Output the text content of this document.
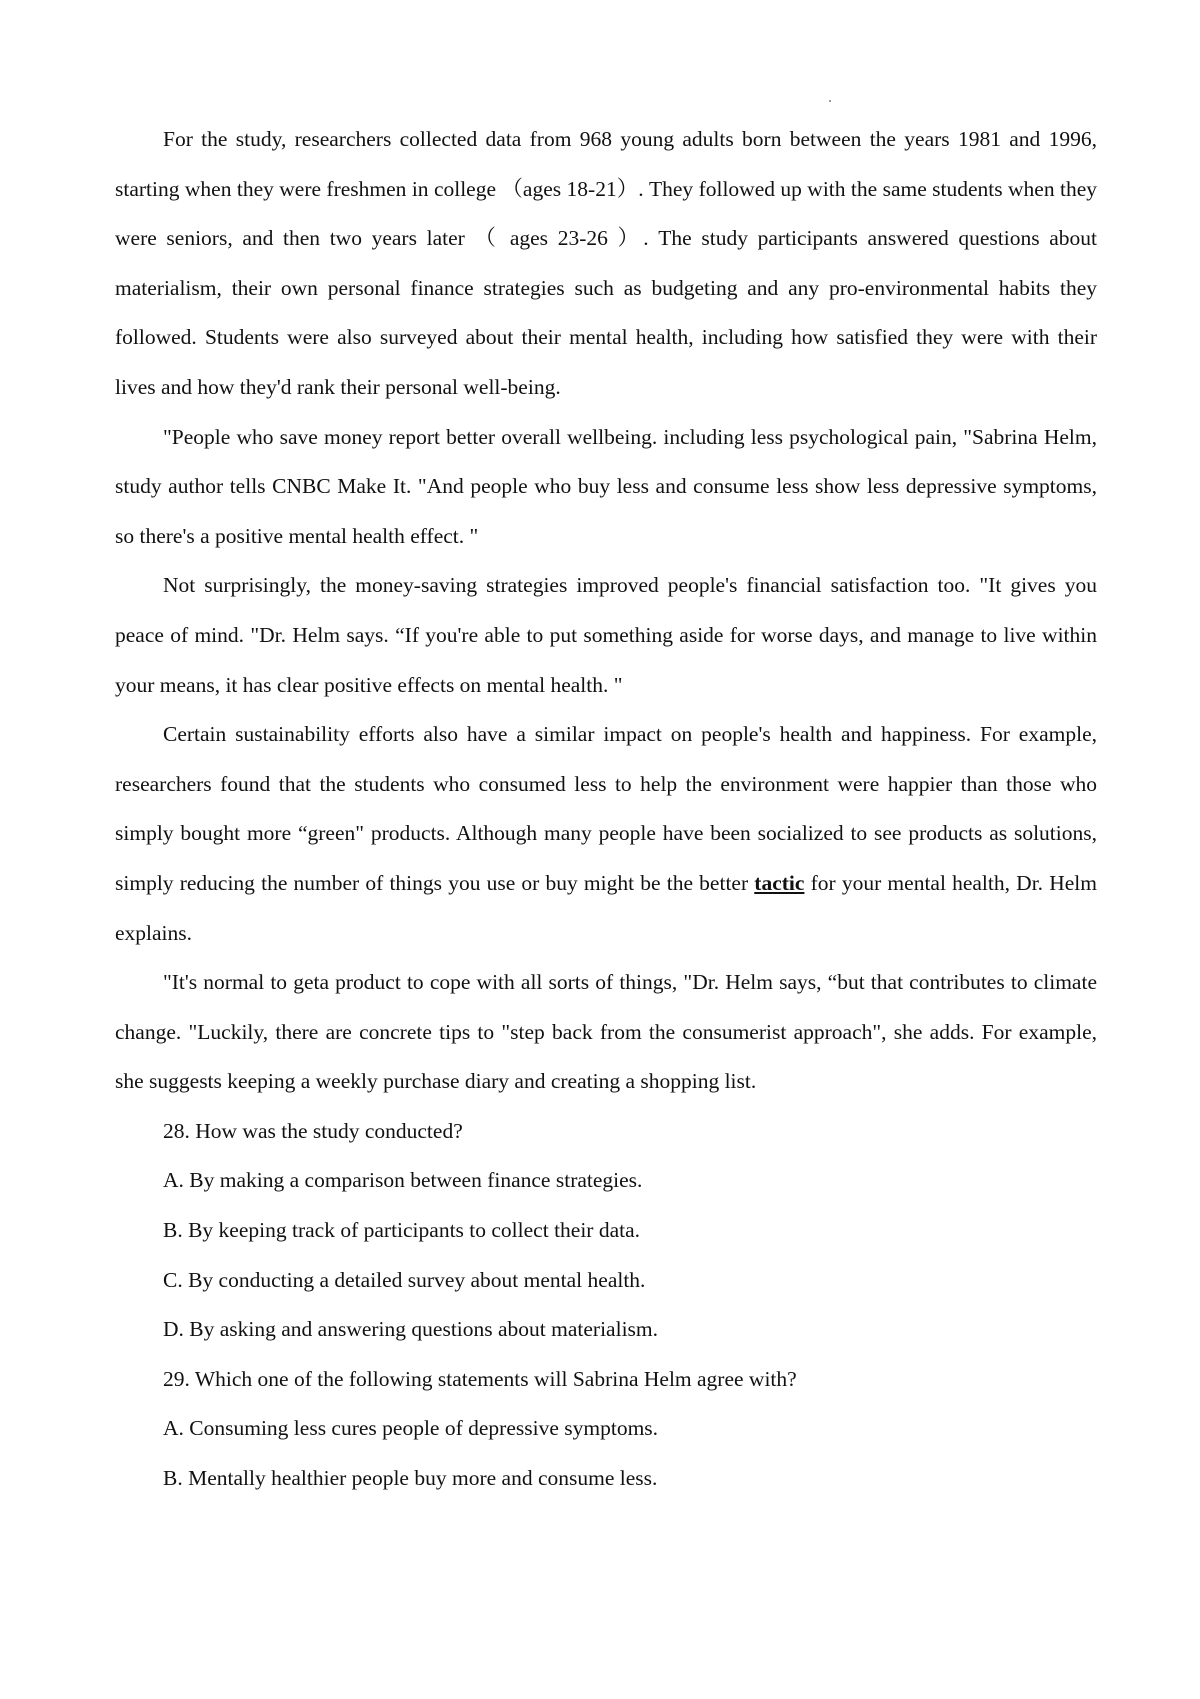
For the study, researchers collected data from 968 young adults born between the years 1981 and 1996, starting when they were freshmen in college （ages 18-21）. They followed up with the same students when they were seniors, and then two years later （ ages 23-26 ）. The study participants answered questions about materialism, their own personal finance strategies such as budgeting and any pro-environmental habits they followed. Students were also surveyed about their mental health, including how satisfied they were with their lives and how they'd rank their personal well-being.

"People who save money report better overall wellbeing. including less psychological pain, "Sabrina Helm, study author tells CNBC Make It. "And people who buy less and consume less show less depressive symptoms, so there's a positive mental health effect. "

Not surprisingly, the money-saving strategies improved people's financial satisfaction too. "It gives you peace of mind. "Dr. Helm says. “If you're able to put something aside for worse days, and manage to live within your means, it has clear positive effects on mental health. "

Certain sustainability efforts also have a similar impact on people's health and happiness. For example, researchers found that the students who consumed less to help the environment were happier than those who simply bought more “green" products. Although many people have been socialized to see products as solutions, simply reducing the number of things you use or buy might be the better tactic for your mental health, Dr. Helm explains.

"It's normal to geta product to cope with all sorts of things, "Dr. Helm says, “but that contributes to climate change. "Luckily, there are concrete tips to "step back from the consumerist approach", she adds. For example, she suggests keeping a weekly purchase diary and creating a shopping list.

28. How was the study conducted?

A. By making a comparison between finance strategies.

B. By keeping track of participants to collect their data.

C. By conducting a detailed survey about mental health.

D. By asking and answering questions about materialism.

29. Which one of the following statements will Sabrina Helm agree with?

A. Consuming less cures people of depressive symptoms.

B. Mentally healthier people buy more and consume less.
